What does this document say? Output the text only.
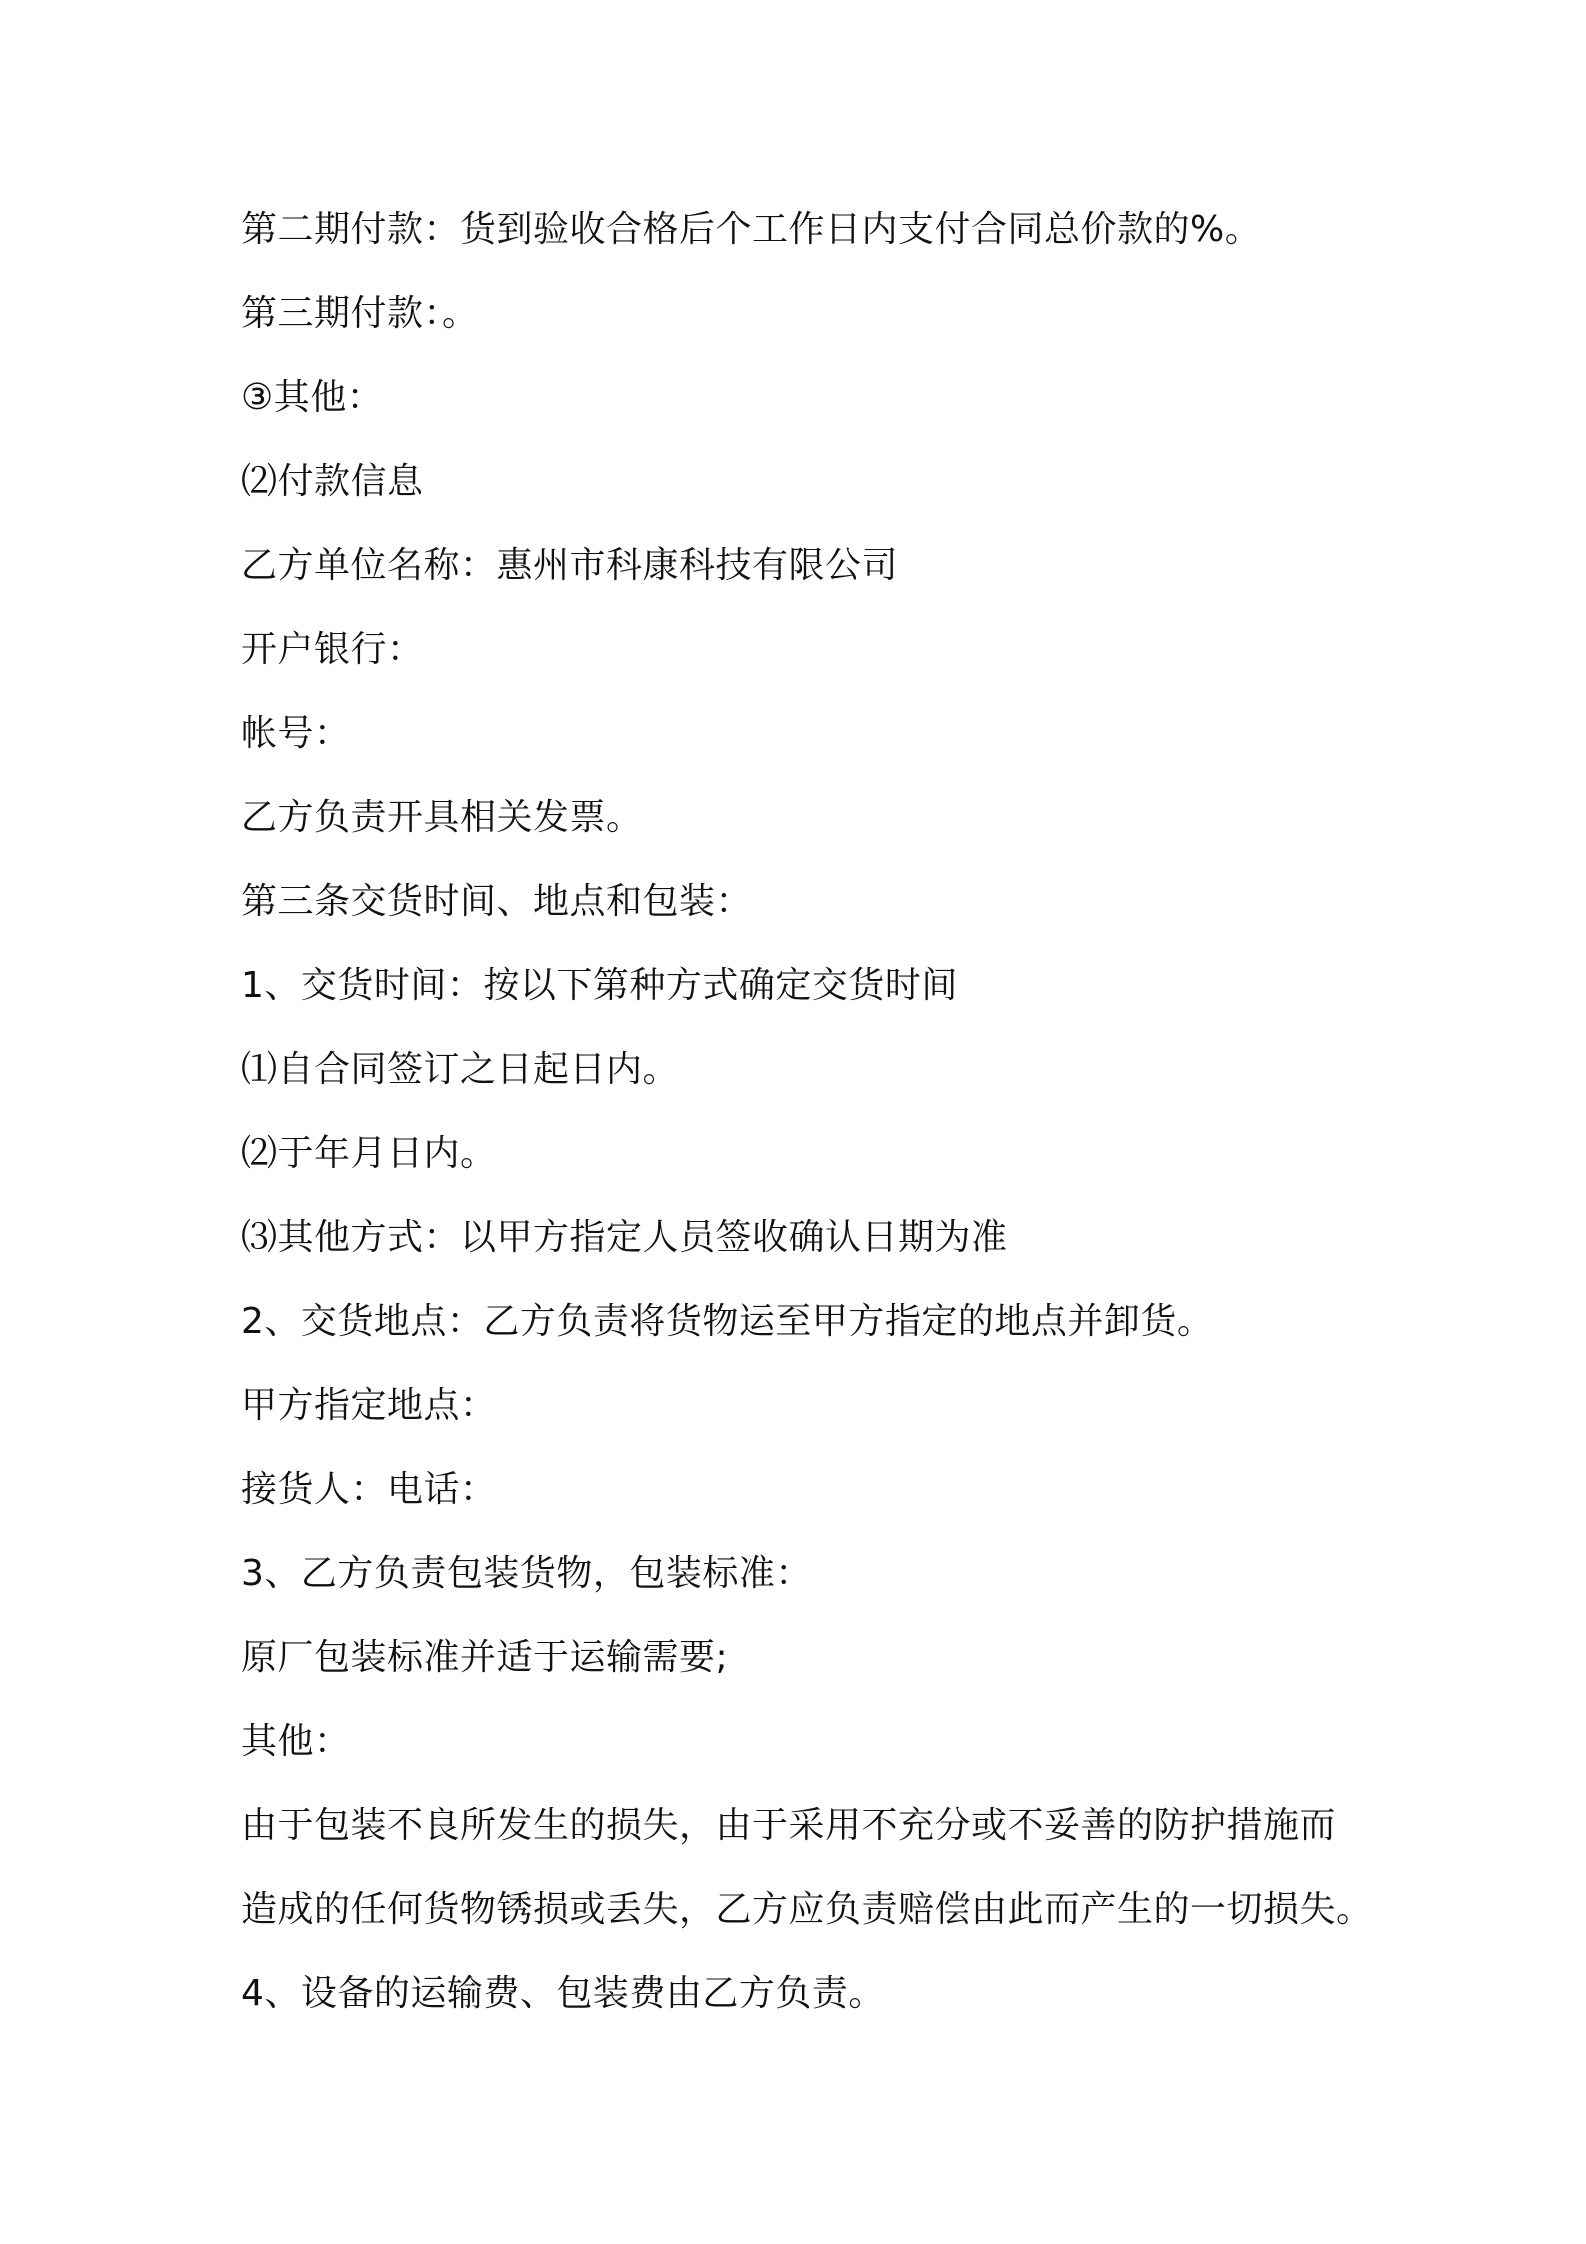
第二期付款：货到验收合格后个工作日内支付合同总价款的%。
第三期付款：。
③其他：
⑵付款信息
乙方单位名称：惠州市科康科技有限公司
开户银行：
帐号：
乙方负责开具相关发票。
第三条交货时间、地点和包装：
1、交货时间：按以下第种方式确定交货时间
⑴自合同签订之日起日内。
⑵于年月日内。
⑶其他方式：以甲方指定人员签收确认日期为准
2、交货地点：乙方负责将货物运至甲方指定的地点并卸货。
甲方指定地点：
接货人：电话：
3、乙方负责包装货物，包装标准：
原厂包装标准并适于运输需要;
其他：
由于包装不良所发生的损失，由于采用不充分或不妥善的防护措施而
造成的任何货物锈损或丢失，乙方应负责赔偿由此而产生的一切损失。
4、设备的运输费、包装费由乙方负责。
